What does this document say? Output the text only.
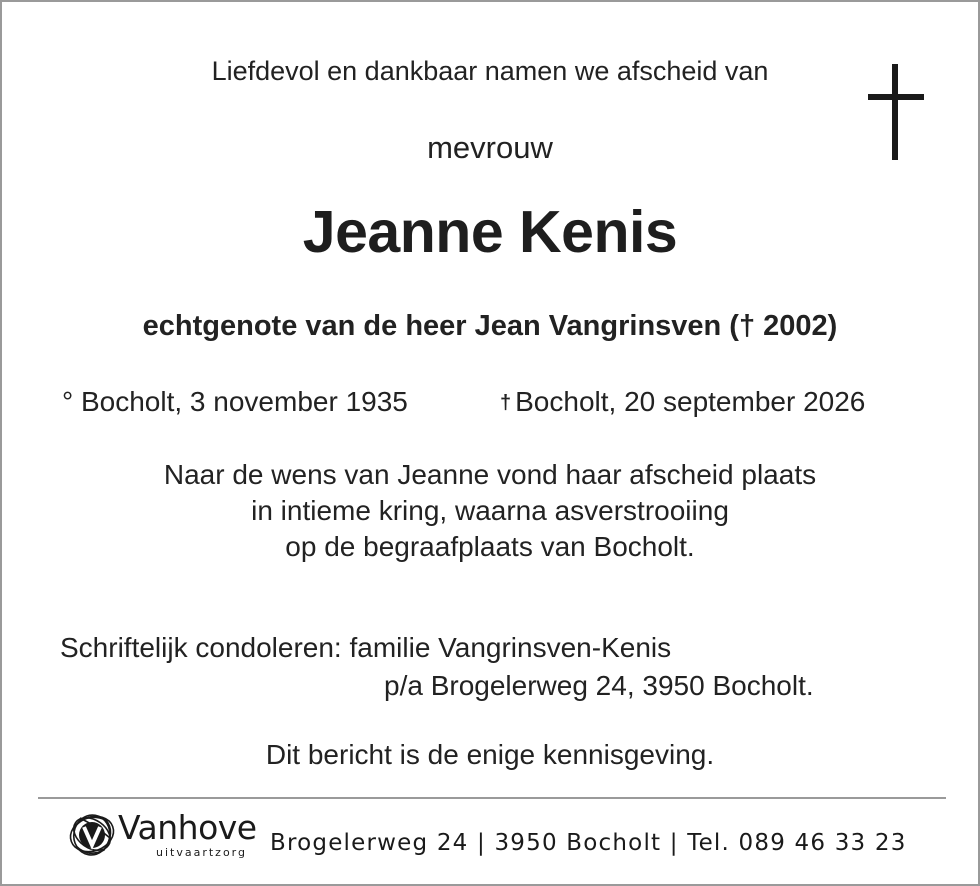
Liefdevol en dankbaar namen we afscheid van
mevrouw
Jeanne Kenis
echtgenote van de heer Jean Vangrinsven († 2002)
° Bocholt, 3 november 1935	† Bocholt, 20 september 2026
Naar de wens van Jeanne vond haar afscheid plaats
in intieme kring, waarna asverstrooiing
op de begraafplaats van Bocholt.
Schriftelijk condoleren: familie Vangrinsven-Kenis
p/a Brogelerweg 24, 3950 Bocholt.
Dit bericht is de enige kennisgeving.
Vanhove
uitvaartzorg Brogelerweg 24 | 3950 Bocholt | Tel. 089 46 33 23
